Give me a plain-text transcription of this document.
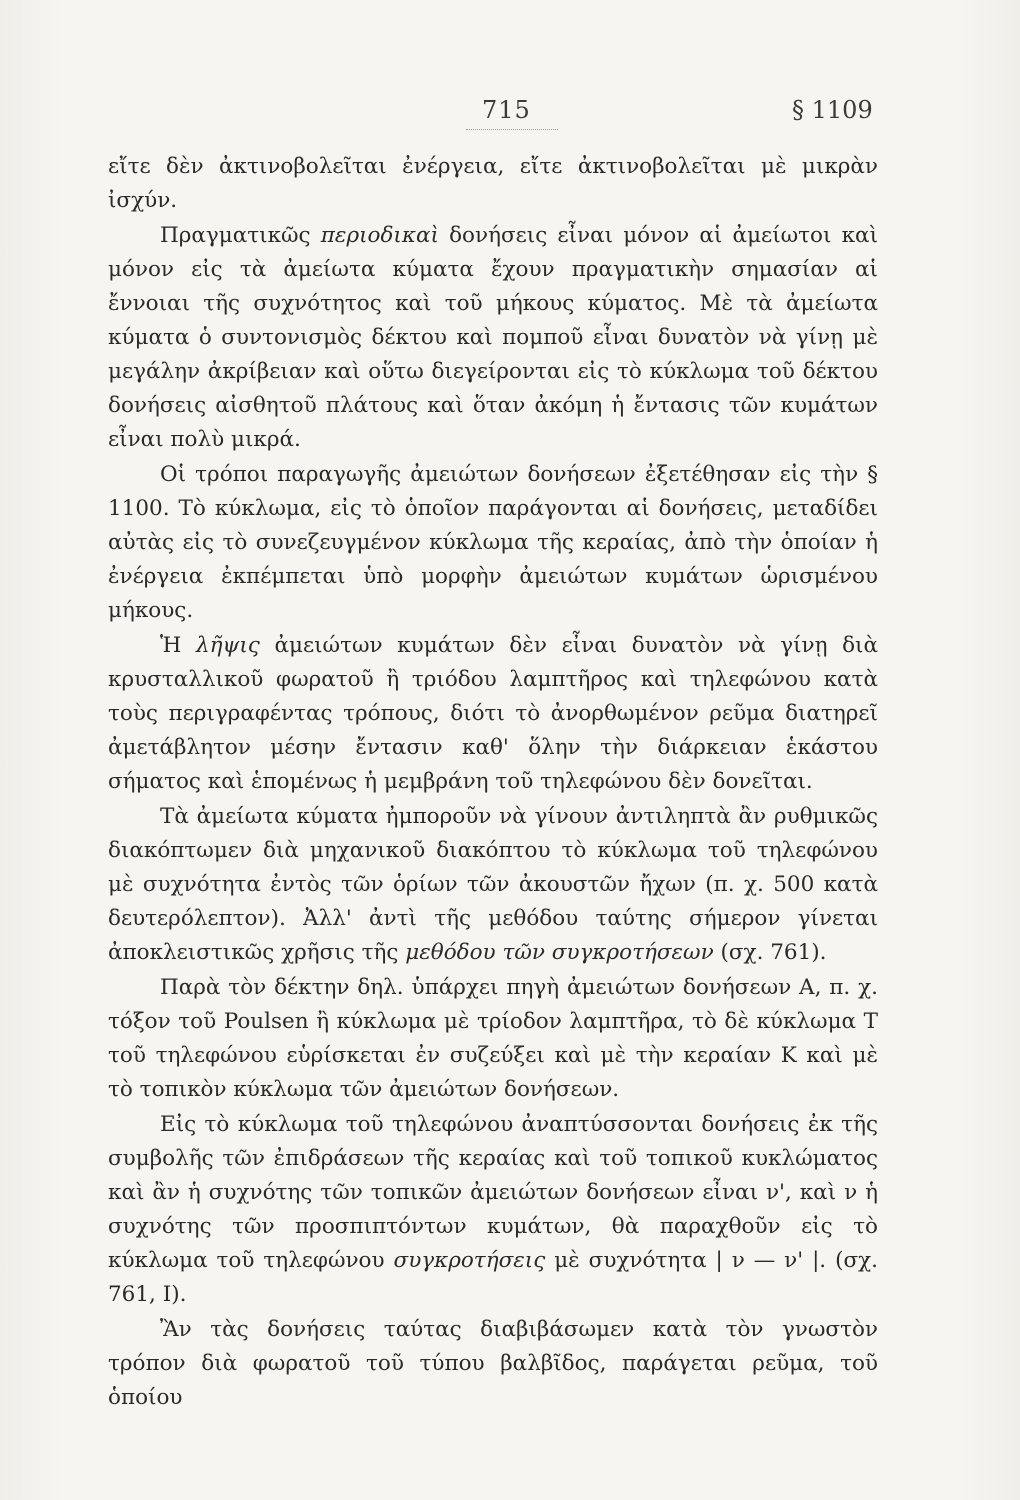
715	§ 1109

εἴτε δὲν ἀκτινοβολεῖται ἐνέργεια, εἴτε ἀκτινοβολεῖται μὲ μικρὰν ἰσχύν.

Πραγματικῶς περιοδικαὶ δονήσεις εἶναι μόνον αἱ ἀμείωτοι καὶ μόνον εἰς τὰ ἀμείωτα κύματα ἔχουν πραγματικὴν σημασίαν αἱ ἔννοιαι τῆς συχνότητος καὶ τοῦ μήκους κύματος. Μὲ τὰ ἀμείωτα κύματα ὁ συντονισμὸς δέκτου καὶ πομποῦ εἶναι δυνατὸν νὰ γίνῃ μὲ μεγάλην ἀκρίβειαν καὶ οὕτω διεγείρονται εἰς τὸ κύκλωμα τοῦ δέκτου δονήσεις αἰσθητοῦ πλάτους καὶ ὅταν ἀκόμη ἡ ἔντασις τῶν κυμάτων εἶναι πολὺ μικρά.

Οἱ τρόποι παραγωγῆς ἀμειώτων δονήσεων ἐξετέθησαν εἰς τὴν § 1100. Τὸ κύκλωμα, εἰς τὸ ὁποῖον παράγονται αἱ δονήσεις, μεταδίδει αὐτὰς εἰς τὸ συνεζευγμένον κύκλωμα τῆς κεραίας, ἀπὸ τὴν ὁποίαν ἡ ἐνέργεια ἐκπέμπεται ὑπὸ μορφὴν ἀμειώτων κυμάτων ὡρισμένου μήκους.

Ἡ λῆψις ἀμειώτων κυμάτων δὲν εἶναι δυνατὸν νὰ γίνῃ διὰ κρυσταλλικοῦ φωρατοῦ ἢ τριόδου λαμπτῆρος καὶ τηλεφώνου κατὰ τοὺς περιγραφέντας τρόπους, διότι τὸ ἀνορθωμένον ρεῦμα διατηρεῖ ἀμετάβλητον μέσην ἔντασιν καθ' ὅλην τὴν διάρκειαν ἑκάστου σήματος καὶ ἑπομένως ἡ μεμβράνη τοῦ τηλεφώνου δὲν δονεῖται.

Τὰ ἀμείωτα κύματα ἠμποροῦν νὰ γίνουν ἀντιληπτὰ ἂν ρυθμικῶς διακόπτωμεν διὰ μηχανικοῦ διακόπτου τὸ κύκλωμα τοῦ τηλεφώνου μὲ συχνότητα ἐντὸς τῶν ὁρίων τῶν ἀκουστῶν ἤχων (π. χ. 500 κατὰ δευτερόλεπτον). Ἀλλ' ἀντὶ τῆς μεθόδου ταύτης σήμερον γίνεται ἀποκλειστικῶς χρῆσις τῆς μεθόδου τῶν συγκροτήσεων (σχ. 761).

Παρὰ τὸν δέκτην δηλ. ὑπάρχει πηγὴ ἀμειώτων δονήσεων Α, π. χ. τόξον τοῦ Poulsen ἢ κύκλωμα μὲ τρίοδον λαμπτῆρα, τὸ δὲ κύκλωμα Τ τοῦ τηλεφώνου εὑρίσκεται ἐν συζεύξει καὶ μὲ τὴν κεραίαν Κ καὶ μὲ τὸ τοπικὸν κύκλωμα τῶν ἀμειώτων δονήσεων.

Εἰς τὸ κύκλωμα τοῦ τηλεφώνου ἀναπτύσσονται δονήσεις ἐκ τῆς συμβολῆς τῶν ἐπιδράσεων τῆς κεραίας καὶ τοῦ τοπικοῦ κυκλώματος καὶ ἂν ἡ συχνότης τῶν τοπικῶν ἀμειώτων δονήσεων εἶναι ν', καὶ ν ἡ συχνότης τῶν προσπιπτόντων κυμάτων, θὰ παραχθοῦν εἰς τὸ κύκλωμα τοῦ τηλεφώνου συγκροτήσεις μὲ συχνότητα | ν — ν' |. (σχ. 761, Ι).

Ἂν τὰς δονήσεις ταύτας διαβιβάσωμεν κατὰ τὸν γνωστὸν τρόπον διὰ φωρατοῦ τοῦ τύπου βαλβῖδος, παράγεται ρεῦμα, τοῦ ὁποίου
